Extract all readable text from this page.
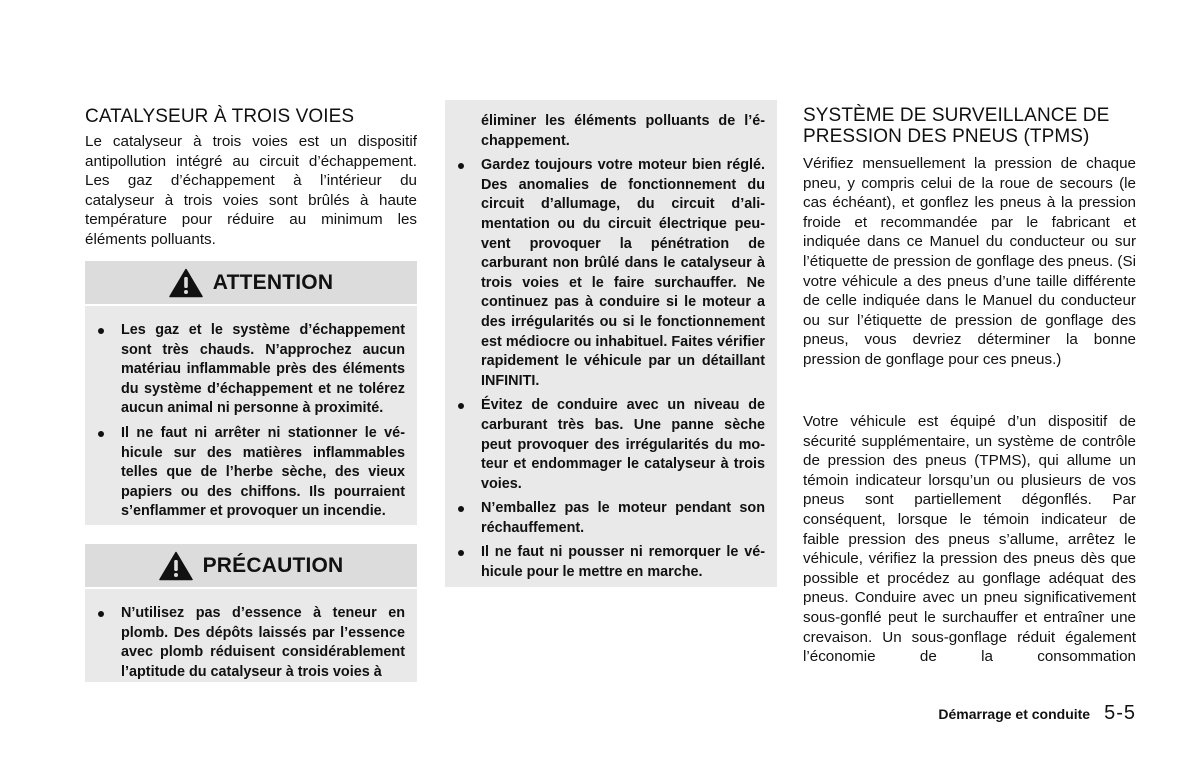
CATALYSEUR À TROIS VOIES

Le catalyseur à trois voies est un dispositif antipollution intégré au circuit d’échappement. Les gaz d’échappement à l’intérieur du catalyseur à trois voies sont brûlés à haute température pour réduire au minimum les éléments polluants.

ATTENTION
Les gaz et le système d’échappement sont très chauds. N’approchez aucun matériau inflammable près des éléments du système d’échappement et ne tolérez aucun animal ni personne à proximité.
Il ne faut ni arrêter ni stationner le véhicule sur des matières inflammables telles que de l’herbe sèche, des vieux papiers ou des chiffons. Ils pourraient s’enflammer et provoquer un incendie.
PRÉCAUTION
N’utilisez pas d’essence à teneur en plomb. Des dépôts laissés par l’essence avec plomb réduisent considérablement l’aptitude du catalyseur à trois voies à
éliminer les éléments polluants de l’échappement.
Gardez toujours votre moteur bien réglé. Des anomalies de fonctionnement du circuit d’allumage, du circuit d’alimentation ou du circuit électrique peuvent provoquer la pénétration de carburant non brûlé dans le catalyseur à trois voies et le faire surchauffer. Ne continuez pas à conduire si le moteur a des irrégularités ou si le fonctionnement est médiocre ou inhabituel. Faites vérifier rapidement le véhicule par un détaillant INFINITI.
Évitez de conduire avec un niveau de carburant très bas. Une panne sèche peut provoquer des irrégularités du moteur et endommager le catalyseur à trois voies.
N’emballez pas le moteur pendant son réchauffement.
Il ne faut ni pousser ni remorquer le véhicule pour le mettre en marche.
SYSTÈME DE SURVEILLANCE DE PRESSION DES PNEUS (TPMS)

Vérifiez mensuellement la pression de chaque pneu, y compris celui de la roue de secours (le cas échéant), et gonflez les pneus à la pression froide et recommandée par le fabricant et indiquée dans ce Manuel du conducteur ou sur l’étiquette de pression de gonflage des pneus. (Si votre véhicule a des pneus d’une taille différente de celle indiquée dans le Manuel du conducteur ou sur l’étiquette de pression de gonflage des pneus, vous devriez déterminer la bonne pression de gonflage pour ces pneus.)

Votre véhicule est équipé d’un dispositif de sécurité supplémentaire, un système de contrôle de pression des pneus (TPMS), qui allume un témoin indicateur lorsqu’un ou plusieurs de vos pneus sont partiellement dégonflés. Par conséquent, lorsque le témoin indicateur de faible pression des pneus s’allume, arrêtez le véhicule, vérifiez la pression des pneus dès que possible et procédez au gonflage adéquat des pneus. Conduire avec un pneu significativement sous-gonflé peut le surchauffer et entraîner une crevaison. Un sous-gonflage réduit également l’économie de la consommation

Démarrage et conduite 5-5
